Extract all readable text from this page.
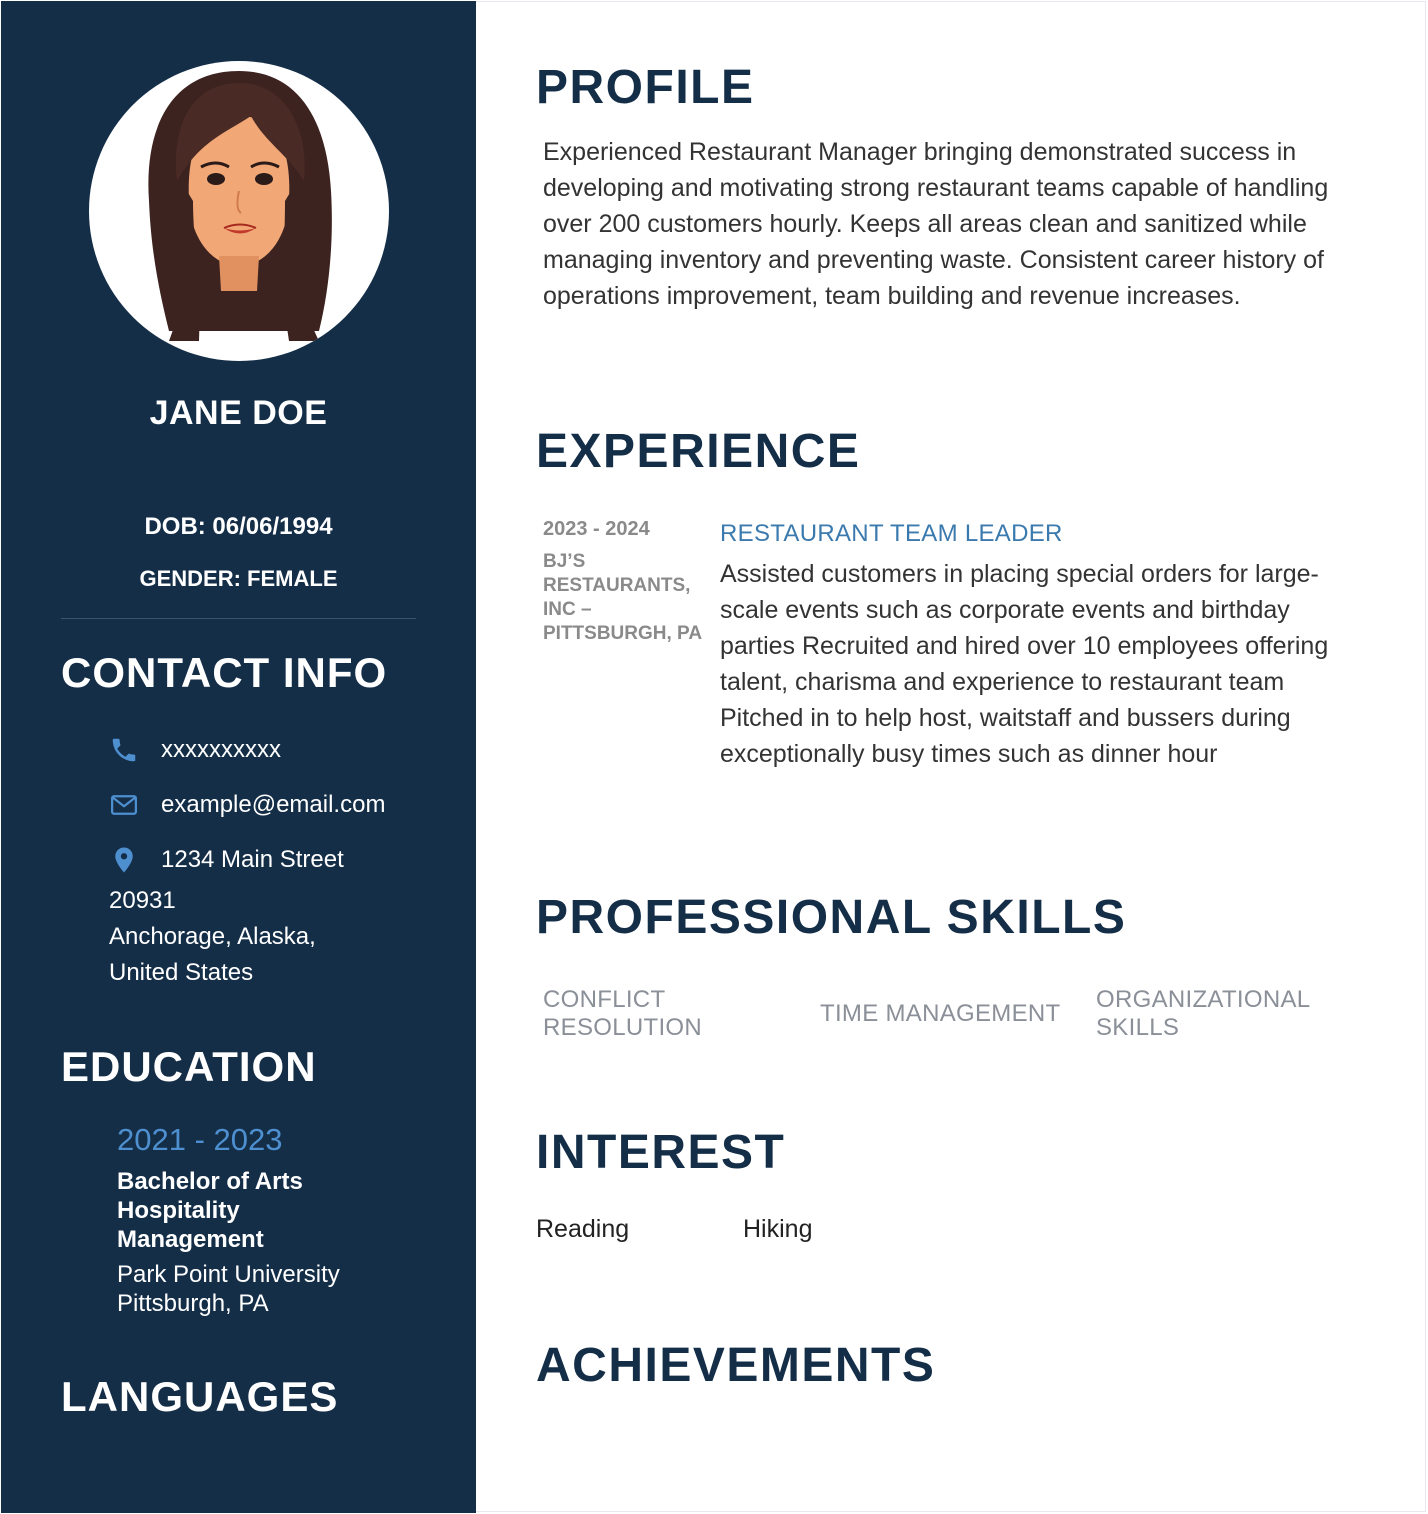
JANE DOE
DOB: 06/06/1994
GENDER: FEMALE
CONTACT INFO
xxxxxxxxxx
example@email.com
1234 Main Street
20931
Anchorage, Alaska,
United States
EDUCATION
2021 - 2023
Bachelor of Arts
Hospitality
Management
Park Point University
Pittsburgh, PA
LANGUAGES
PROFILE
Experienced Restaurant Manager bringing demonstrated success in developing and motivating strong restaurant teams capable of handling over 200 customers hourly. Keeps all areas clean and sanitized while managing inventory and preventing waste. Consistent career history of operations improvement, team building and revenue increases.
EXPERIENCE
2023 - 2024
BJ’S RESTAURANTS, INC – PITTSBURGH, PA
RESTAURANT TEAM LEADER
Assisted customers in placing special orders for large-scale events such as corporate events and birthday parties Recruited and hired over 10 employees offering talent, charisma and experience to restaurant team Pitched in to help host, waitstaff and bussers during exceptionally busy times such as dinner hour
PROFESSIONAL SKILLS
CONFLICT RESOLUTION
TIME MANAGEMENT
ORGANIZATIONAL SKILLS
INTEREST
Reading	Hiking
ACHIEVEMENTS
